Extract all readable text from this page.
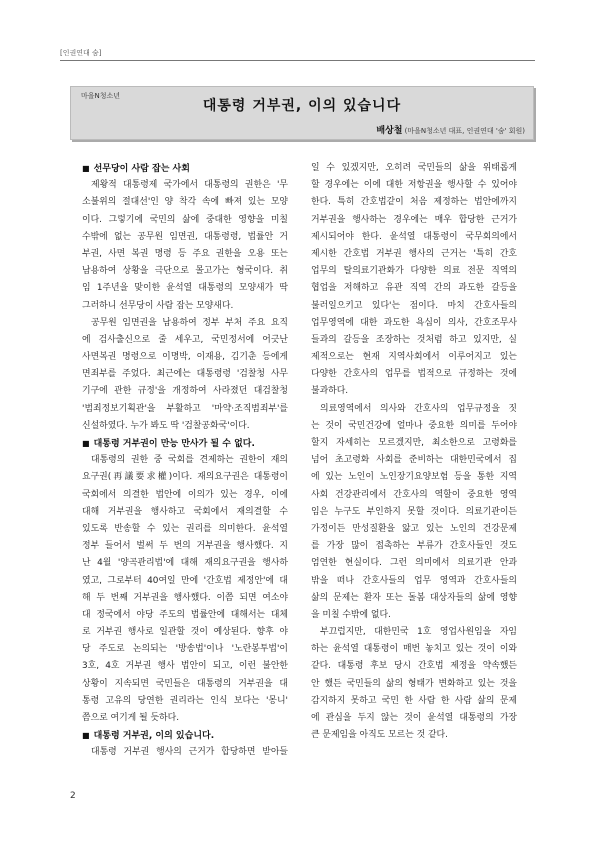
[인권연대 숨]
마을N청소년
대통령 거부권, 이의 있습니다
배상철 (마을N청소년 대표, 인권연대 '숨' 회원)
■ 선무당이 사람 잡는 사회
제왕적 대통령제 국가에서 대통령의 권한은 '무
소불위의 절대선'인 양 착각 속에 빠져 있는 모양
이다. 그렇기에 국민의 삶에 중대한 영향을 미칠
수밖에 없는 공무원 임면권, 대통령령, 법률안 거
부권, 사면 복권 명령 등 주요 권한을 오용 또는
남용하여 상황을 극단으로 몰고가는 형국이다. 취
임 1주년을 맞이한 윤석열 대통령의 모양새가 딱
그러하니 선무당이 사람 잡는 모양새다.
공무원 임면권을 남용하여 정부 부처 주요 요직
에 검사출신으로 줄 세우고, 국민정서에 어긋난
사면복권 명령으로 이명박, 이재용, 김기춘 등에게
면죄부를 주었다. 최근에는 대통령령 '검찰청 사무
기구에 관한 규정'을 개정하여 사라졌던 대검찰청
'범죄정보기획관'을 부활하고 '마약·조직범죄부'를
신설하였다. 누가 봐도 딱 '검찰공화국'이다.
■ 대통령 거부권이 만능 만사가 될 수 없다.
대통령의 권한 중 국회를 견제하는 권한이 재의
요구권(再議要求權)이다. 재의요구권은 대통령이
국회에서 의결한 법안에 이의가 있는 경우, 이에
대해 거부권을 행사하고 국회에서 재의결할 수
있도록 반송할 수 있는 권리를 의미한다. 윤석열
정부 들어서 벌써 두 번의 거부권을 행사했다. 지
난 4월 '양곡관리법'에 대해 재의요구권을 행사하
였고, 그로부터 40여일 만에 '간호법 제정안'에 대
해 두 번째 거부권을 행사했다. 이쯤 되면 여소야
대 정국에서 야당 주도의 법률안에 대해서는 대체
로 거부권 행사로 일관할 것이 예상된다. 향후 야
당 주도로 논의되는 '방송법'이나 '노란봉투법'이
3호, 4호 거부권 행사 법안이 되고, 이런 불안한
상황이 지속되면 국민들은 대통령의 거부권을 대
통령 고유의 당연한 권리라는 인식 보다는 '몽니'
쯤으로 여기게 될 듯하다.
■ 대통령 거부권, 이의 있습니다.
대통령 거부권 행사의 근거가 합당하면 받아들
일 수 있겠지만, 오히려 국민들의 삶을 위태롭게
할 경우에는 이에 대한 저항권을 행사할 수 있어야
한다. 특히 간호법같이 처음 제정하는 법안에까지
거부권을 행사하는 경우에는 매우 합당한 근거가
제시되어야 한다. 윤석열 대통령이 국무회의에서
제시한 간호법 거부권 행사의 근거는 '특히 간호
업무의 탈의료기관화가 다양한 의료 전문 직역의
협업을 저해하고 유관 직역 간의 과도한 갈등을
불러일으키고 있다'는 점이다. 마치 간호사들의
업무영역에 대한 과도한 욕심이 의사, 간호조무사
들과의 갈등을 조장하는 것처럼 하고 있지만, 실
제적으로는 현재 지역사회에서 이루어지고 있는
다양한 간호사의 업무를 법적으로 규정하는 것에
불과하다.
의료영역에서 의사와 간호사의 업무규정을 짓
는 것이 국민건강에 얼마나 중요한 의미를 두어야
할지 자세히는 모르겠지만, 최소한으로 고령화를
넘어 초고령화 사회를 준비하는 대한민국에서 집
에 있는 노인이 노인장기요양보험 등을 통한 지역
사회 건강관리에서 간호사의 역할이 중요한 영역
임은 누구도 부인하지 못할 것이다. 의료기관이든
가정이든 만성질환을 앓고 있는 노인의 건강문제
를 가장 많이 접촉하는 부류가 간호사들인 것도
엄연한 현실이다. 그런 의미에서 의료기관 안과
밖을 떠나 간호사들의 업무 영역과 간호사들의
삶의 문제는 환자 또는 돌봄 대상자들의 삶에 영향
을 미칠 수밖에 없다.
부끄럽지만, 대한민국 1호 영업사원임을 자임
하는 윤석열 대통령이 매번 놓치고 있는 것이 이와
같다. 대통령 후보 당시 간호법 제정을 약속했든
안 했든 국민들의 삶의 형태가 변화하고 있는 것을
감지하지 못하고 국민 한 사람 한 사람 삶의 문제
에 관심을 두지 않는 것이 윤석열 대통령의 가장
큰 문제임을 아직도 모르는 것 같다.
2
